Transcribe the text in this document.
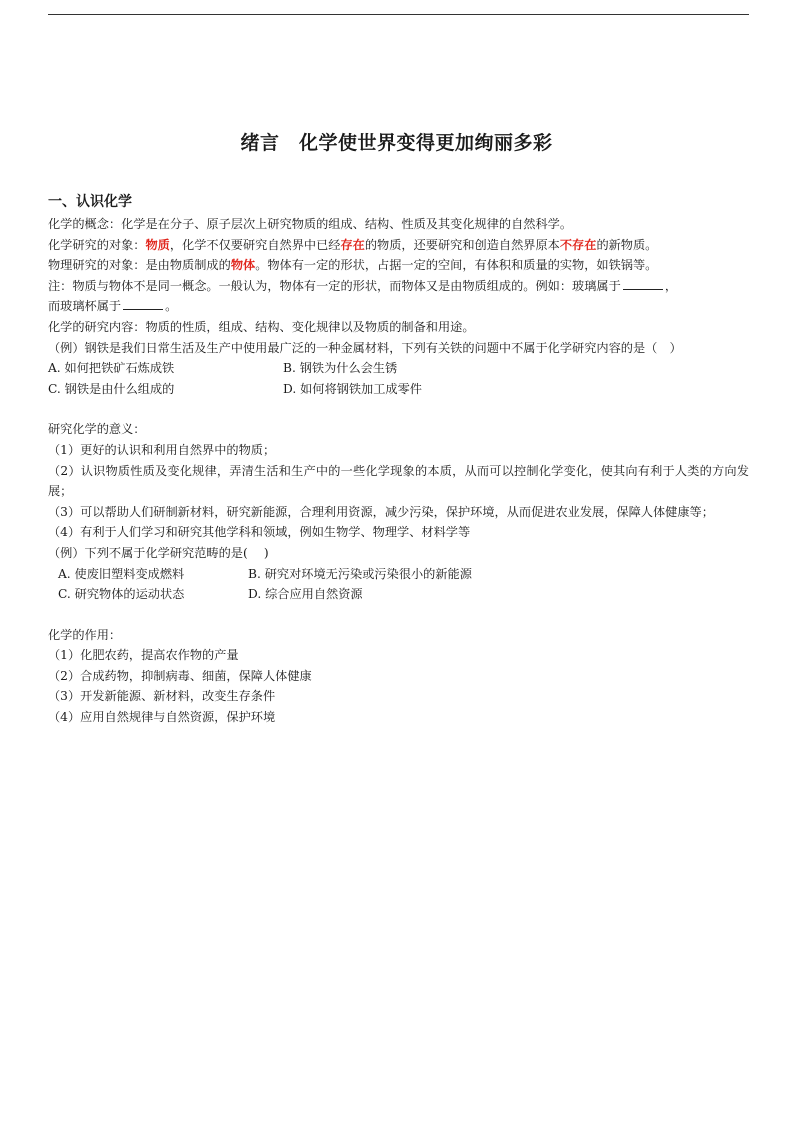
绪言　化学使世界变得更加绚丽多彩
一、认识化学

化学的概念：化学是在分子、原子层次上研究物质的组成、结构、性质及其变化规律的自然科学。

化学研究的对象：物质，化学不仅要研究自然界中已经存在的物质，还要研究和创造自然界原本不存在的新物质。

物理研究的对象：是由物质制成的物体。物体有一定的形状，占据一定的空间，有体积和质量的实物，如铁锅等。

注：物质与物体不是同一概念。一般认为，物体有一定的形状，而物体又是由物质组成的。例如：玻璃属于	，
而玻璃杯属于	。

化学的研究内容：物质的性质，组成、结构、变化规律以及物质的制备和用途。

（例）钢铁是我们日常生活及生产中使用最广泛的一种金属材料，下列有关铁的问题中不属于化学研究内容的是（　）

A. 如何把铁矿石炼成铁	B. 钢铁为什么会生锈
C. 钢铁是由什么组成的	D. 如何将钢铁加工成零件

研究化学的意义：

（1）更好的认识和利用自然界中的物质；

（2）认识物质性质及变化规律，弄清生活和生产中的一些化学现象的本质，从而可以控制化学变化，使其向有利于人类的方向发展；

（3）可以帮助人们研制新材料，研究新能源，合理利用资源，减少污染，保护环境，从而促进农业发展，保障人体健康等；

（4）有利于人们学习和研究其他学科和领域，例如生物学、物理学、材料学等

（例）下列不属于化学研究范畴的是(　 )

A. 使废旧塑料变成燃料	B. 研究对环境无污染或污染很小的新能源
C. 研究物体的运动状态	D. 综合应用自然资源

化学的作用：

（1）化肥农药，提高农作物的产量

（2）合成药物，抑制病毒、细菌，保障人体健康

（3）开发新能源、新材料，改变生存条件

（4）应用自然规律与自然资源，保护环境
